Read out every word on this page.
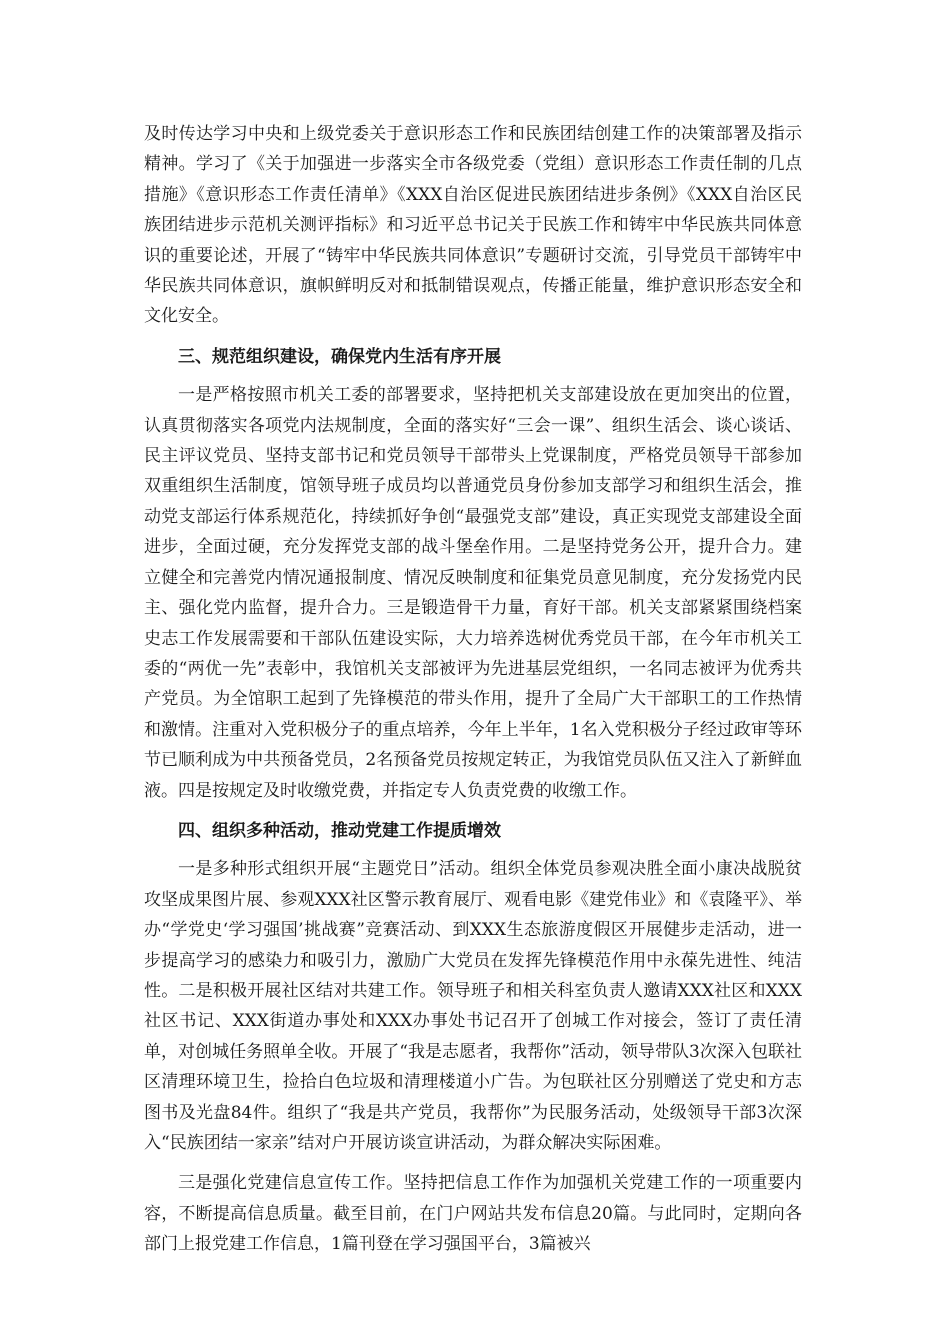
及时传达学习中央和上级党委关于意识形态工作和民族团结创建工作的决策部署及指示精神。学习了《关于加强进一步落实全市各级党委（党组）意识形态工作责任制的几点措施》《意识形态工作责任清单》《XXX自治区促进民族团结进步条例》《XXX自治区民族团结进步示范机关测评指标》和习近平总书记关于民族工作和铸牢中华民族共同体意识的重要论述，开展了“铸牢中华民族共同体意识”专题研讨交流，引导党员干部铸牢中华民族共同体意识，旗帜鲜明反对和抵制错误观点，传播正能量，维护意识形态安全和文化安全。

三、规范组织建设，确保党内生活有序开展

一是严格按照市机关工委的部署要求，坚持把机关支部建设放在更加突出的位置，认真贯彻落实各项党内法规制度，全面的落实好“三会一课”、组织生活会、谈心谈话、民主评议党员、坚持支部书记和党员领导干部带头上党课制度，严格党员领导干部参加双重组织生活制度，馆领导班子成员均以普通党员身份参加支部学习和组织生活会，推动党支部运行体系规范化，持续抓好争创“最强党支部”建设，真正实现党支部建设全面进步，全面过硬，充分发挥党支部的战斗堡垒作用。二是坚持党务公开，提升合力。建立健全和完善党内情况通报制度、情况反映制度和征集党员意见制度，充分发扬党内民主、强化党内监督，提升合力。三是锻造骨干力量，育好干部。机关支部紧紧围绕档案史志工作发展需要和干部队伍建设实际，大力培养选树优秀党员干部，在今年市机关工委的“两优一先”表彰中，我馆机关支部被评为先进基层党组织，一名同志被评为优秀共产党员。为全馆职工起到了先锋模范的带头作用，提升了全局广大干部职工的工作热情和激情。注重对入党积极分子的重点培养，今年上半年，1名入党积极分子经过政审等环节已顺利成为中共预备党员，2名预备党员按规定转正，为我馆党员队伍又注入了新鲜血液。四是按规定及时收缴党费，并指定专人负责党费的收缴工作。

四、组织多种活动，推动党建工作提质增效

一是多种形式组织开展“主题党日”活动。组织全体党员参观决胜全面小康决战脱贫攻坚成果图片展、参观XXX社区警示教育展厅、观看电影《建党伟业》和《袁隆平》、举办“学党史‘学习强国’挑战赛”竞赛活动、到XXX生态旅游度假区开展健步走活动，进一步提高学习的感染力和吸引力，激励广大党员在发挥先锋模范作用中永葆先进性、纯洁性。二是积极开展社区结对共建工作。领导班子和相关科室负责人邀请XXX社区和XXX社区书记、XXX街道办事处和XXX办事处书记召开了创城工作对接会，签订了责任清单，对创城任务照单全收。开展了“我是志愿者，我帮你”活动，领导带队3次深入包联社区清理环境卫生，捡拾白色垃圾和清理楼道小广告。为包联社区分别赠送了党史和方志图书及光盘84件。组织了“我是共产党员，我帮你”为民服务活动，处级领导干部3次深入“民族团结一家亲”结对户开展访谈宣讲活动，为群众解决实际困难。

三是强化党建信息宣传工作。坚持把信息工作作为加强机关党建工作的一项重要内容，不断提高信息质量。截至目前，在门户网站共发布信息20篇。与此同时，定期向各部门上报党建工作信息，1篇刊登在学习强国平台，3篇被兴
